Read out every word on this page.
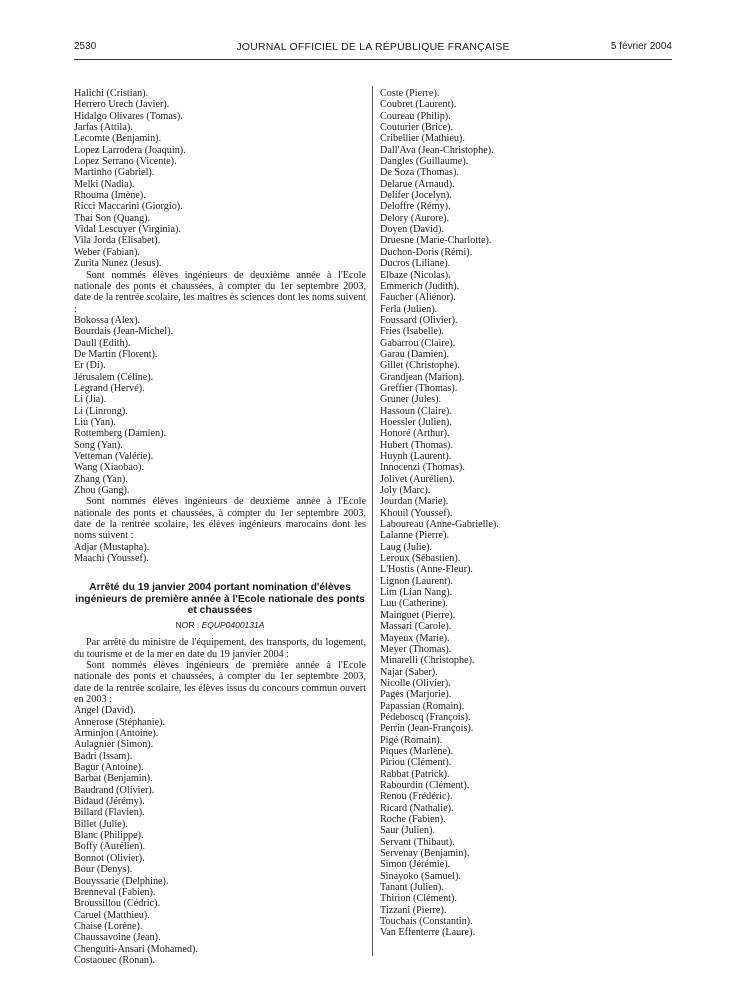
2530	JOURNAL OFFICIEL DE LA RÉPUBLIQUE FRANÇAISE	5 février 2004
Halichi (Cristian).
Herrero Urech (Javier).
Hidalgo Olivares (Tomas).
Jarfas (Attila).
Lecomte (Benjamin).
Lopez Larrodera (Joaquin).
Lopez Serrano (Vicente).
Martinho (Gabriel).
Melki (Nadia).
Rhouma (Imène).
Ricci Maccarini (Giorgio).
Thai Son (Quang).
Vidal Lescuyer (Virginia).
Vila Jorda (Elisabet).
Weber (Fabian).
Zurita Nunez (Jesus).
Sont nommés élèves ingénieurs de deuxième année à l'Ecole nationale des ponts et chaussées, à compter du 1er septembre 2003, date de la rentrée scolaire, les maîtres ès sciences dont les noms suivent :
Bokossa (Alex).
Bourdais (Jean-Michel).
Daull (Edith).
De Martin (Florent).
Er (Di).
Jérusalem (Céline).
Legrand (Hervé).
Li (Jia).
Li (Linrong).
Liu (Yan).
Rottemberg (Damien).
Song (Yan).
Vetteman (Valérie).
Wang (Xiaobao).
Zhang (Yan).
Zhou (Gang).
Sont nommés élèves ingénieurs de deuxième année à l'Ecole nationale des ponts et chaussées, à compter du 1er septembre 2003, date de la rentrée scolaire, les élèves ingénieurs marocains dont les noms suivent :
Adjar (Mustapha).
Maachi (Youssef).
Arrêté du 19 janvier 2004 portant nomination d'élèves ingénieurs de première année à l'Ecole nationale des ponts et chaussées
NOR : EQUP0400131A
Par arrêté du ministre de l'équipement, des transports, du logement, du tourisme et de la mer en date du 19 janvier 2004 :
Sont nommés élèves ingénieurs de première année à l'Ecole nationale des ponts et chaussées, à compter du 1er septembre 2003, date de la rentrée scolaire, les élèves issus du concours commun ouvert en 2003 :
Angel (David).
Annerose (Stéphanie).
Arminjon (Antoine).
Aulagnier (Simon).
Badri (Issam).
Bagur (Antoine).
Barbat (Benjamin).
Baudrand (Olivier).
Bidaud (Jérémy).
Billard (Flavien).
Billet (Julie).
Blanc (Philippe).
Boffy (Aurélien).
Bonnot (Olivier).
Bour (Denys).
Bouyssarie (Delphine).
Brenneval (Fabien).
Broussillou (Cédric).
Caruel (Matthieu).
Chaise (Lorène).
Chaussavoine (Jean).
Chenguiti-Ansari (Mohamed).
Costaouec (Ronan).
Coste (Pierre).
Coubret (Laurent).
Coureau (Philip).
Couturier (Brice).
Cribellier (Mathieu).
Dall'Ava (Jean-Christophe).
Dangles (Guillaume).
De Soza (Thomas).
Delarue (Arnaud).
Delifer (Jocelyn).
Deloffre (Rémy).
Delory (Aurore).
Doyen (David).
Druesne (Marie-Charlotte).
Duchon-Doris (Rémi).
Ducros (Liliane).
Elbaze (Nicolas).
Emmerich (Judith).
Faucher (Aliénor).
Ferla (Julien).
Foussard (Olivier).
Fries (Isabelle).
Gabarrou (Claire).
Garau (Damien).
Gillet (Christophe).
Grandjean (Marion).
Greffier (Thomas).
Gruner (Jules).
Hassoun (Claire).
Hoessler (Julien).
Honoré (Arthur).
Hubert (Thomas).
Huynh (Laurent).
Innocenzi (Thomas).
Jolivet (Aurélien).
Joly (Marc).
Jourdan (Marie).
Khouil (Youssef).
Laboureau (Anne-Gabrielle).
Lalanne (Pierre).
Laug (Julie).
Leroux (Sébastien).
L'Hostis (Anne-Fleur).
Lignon (Laurent).
Lim (Lian Nang).
Luu (Catherine).
Mainguet (Pierre).
Massari (Carole).
Mayeux (Marie).
Meyer (Thomas).
Minarelli (Christophe).
Najar (Saber).
Nicolle (Olivier).
Pagès (Marjorie).
Papassian (Romain).
Pédeboscq (François).
Perrin (Jean-François).
Pigé (Romain).
Piques (Marlène).
Piriou (Clément).
Rabbat (Patrick).
Rabourdin (Clément).
Renou (Frédéric).
Ricard (Nathalie).
Roche (Fabien).
Saur (Julien).
Servant (Thibaut).
Servenay (Benjamin).
Simon (Jérémie).
Sinayoko (Samuel).
Tanant (Julien).
Thirion (Clément).
Tizzani (Pierre).
Touchais (Constantin).
Van Effenterre (Laure).
